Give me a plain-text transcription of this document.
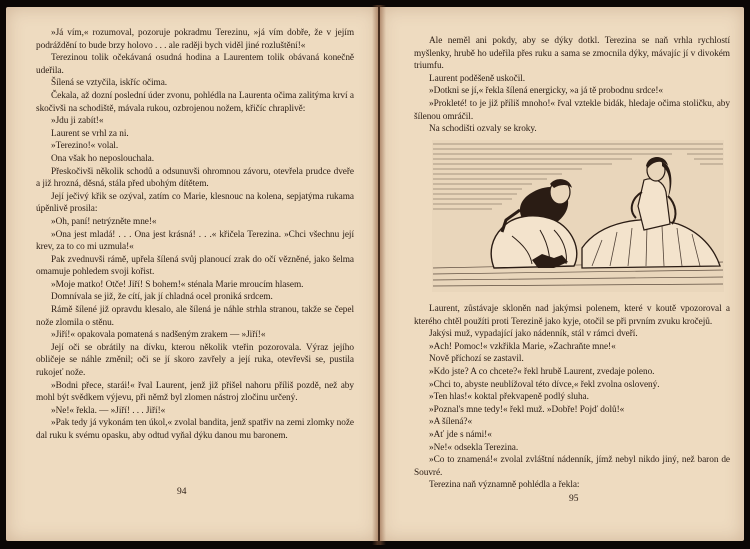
»Já vím,« rozumoval, pozoruje pokradmu Terezinu, »já vím dobře, že v jejím podráždění to bude brzy holovo . . . ale raději bych viděl jiné rozluštění!«

Terezinou tolik očekávaná osudná hodina a Laurentem tolik obávaná konečně udeřila.

Šílená se vztyčila, iskříc očima.

Čekala, až dozní poslední úder zvonu, pohlédla na Laurenta očima zalitýma krví a skočivši na schodiště, mávala rukou, ozbrojenou nožem, křičíc chraplivě:

»Jdu ji zabít!«

Laurent se vrhl za ni.

»Terezino!« volal.

Ona však ho neposlouchala.

Přeskočivši několik schodů a odsunuvši ohromnou závoru, otevřela prudce dveře a již hrozná, děsná, stála před ubohým dítětem.

Její ječivý křik se ozýval, zatím co Marie, klesnouc na kolena, sepjatýma rukama úpěnlivě prosila:

»Oh, paní! netrýzněte mne!«

»Ona jest mladá! . . . Ona jest krásná! . . .« křičela Terezina. »Chci všechnu její krev, za to co mi uzmula!«

Pak zvednuvši rámě, upřela šílená svůj planoucí zrak do očí vězněné, jako šelma omamuje pohledem svoji kořist.

»Moje matko! Otče! Jiří! S bohem!« sténala Marie mroucím hlasem.

Domnívala se již, že cítí, jak jí chladná ocel proniká srdcem.

Rámě šílené již opravdu klesalo, ale šílená je náhle strhla stranou, takže se čepel nože zlomila o stěnu.

»Jiří!« opakovala pomatená s nadšeným zrakem — »Jiří!«

Její oči se obrátily na dívku, kterou několik vteřin pozorovala. Výraz jejího obličeje se náhle změnil; oči se jí skoro zavřely a její ruka, otevřevši se, pustila rukojeť nože.

»Bodni přece, starái!« řval Laurent, jenž již přišel nahoru příliš pozdě, než aby mohl být svědkem výjevu, při němž byl zlomen nástroj zločinu určený.

»Ne!« řekla. — »Jiří! . . . Jiří!«

»Pak tedy já vykonám ten úkol,« zvolal bandita, jenž spatřiv na zemi zlomky nože dal ruku k svému opasku, aby odtud vyňal dýku danou mu baronem.

94

Ale neměl ani pokdy, aby se dýky dotkl. Terezina se naň vrhla rychlostí myšlenky, hrubě ho udeřila přes ruku a sama se zmocnila dýky, mávajíc jí v divokém triumfu.

Laurent poděšeně uskočil.

»Dotkni se jí,« řekla šílená energicky, »a já tě probodnu srdce!«

»Prokleté! to je již příliš mnoho!« řval vztekle bidák, hledaje očima stoličku, aby šílenou omráčil.

Na schodišti ozvaly se kroky.

Laurent, zůstávaje skloněn nad jakýmsi polenem, které v koutě vpozoroval a kterého chtěl použíti proti Terezině jako kyje, otočil se při prvním zvuku kročejů.

Jakýsi muž, vypadající jako nádenník, stál v rámci dveří.

»Ach! Pomoc!« vzkřikla Marie, »Zachraňte mne!«

Nově příchozí se zastavil.

»Kdo jste? A co chcete?« řekl hrubě Laurent, zvedaje poleno.

»Chci to, abyste neublížoval této dívce,« řekl zvolna oslovený.

»Ten hlas!« koktal překvapeně podlý sluha.

»Poznal's mne tedy!« řekl muž. »Dobře! Pojď dolů!«

»A šílená?«

»Ať jde s námi!«

»Ne!« odsekla Terezina.

»Co to znamená!« zvolal zvláštní nádenník, jímž nebyl nikdo jiný, než baron de Souvré.

Terezina naň významně pohlédla a řekla:

95
